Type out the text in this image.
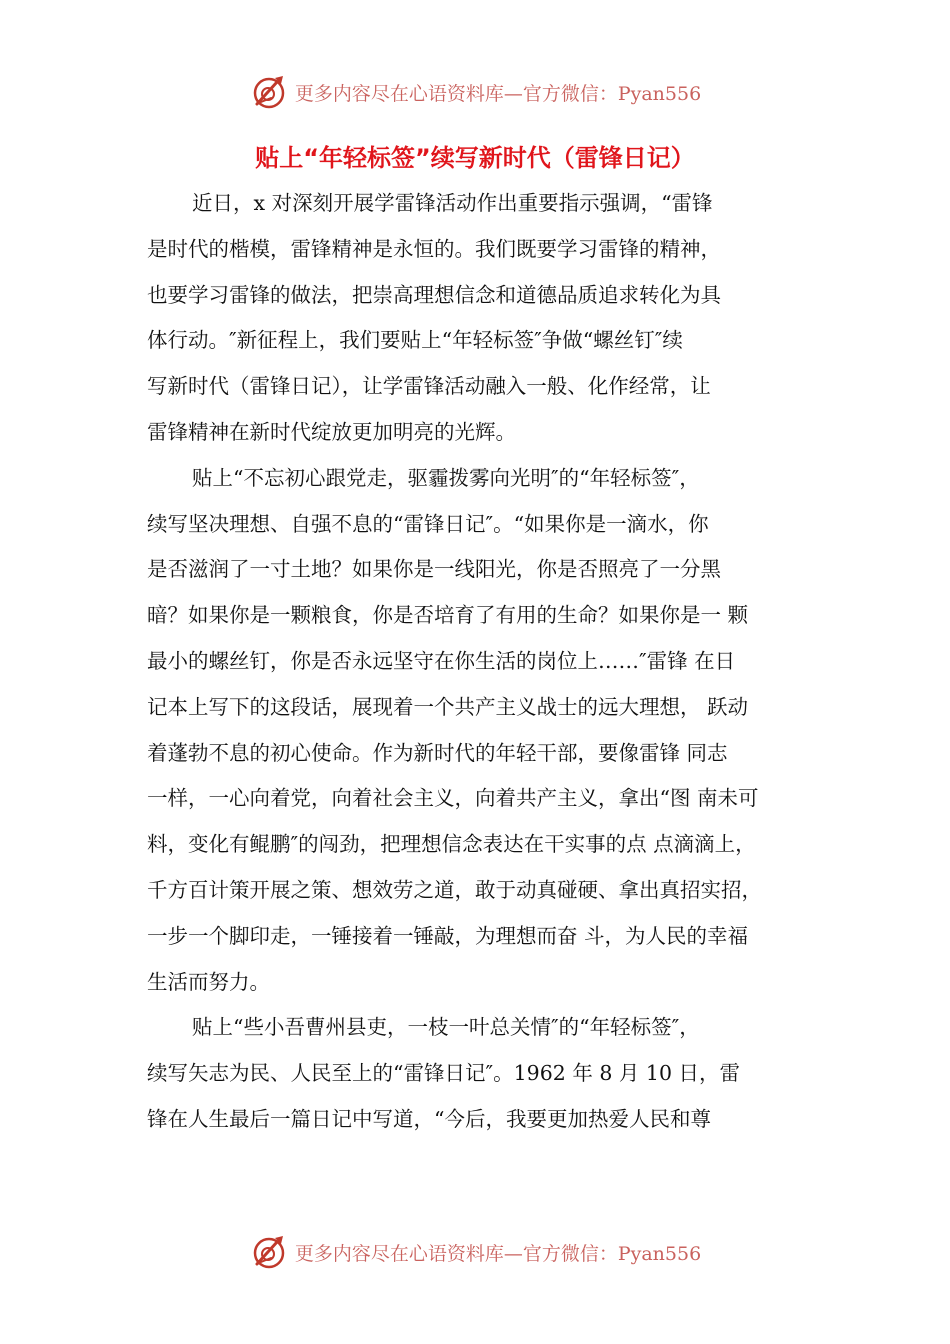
更多内容尽在心语资料库—官方微信：Pyan556
贴上“年轻标签”续写新时代（雷锋日记）
近日，x 对深刻开展学雷锋活动作出重要指示强调，“雷锋
是时代的楷模，雷锋精神是永恒的。我们既要学习雷锋的精神，
也要学习雷锋的做法，把崇高理想信念和道德品质追求转化为具
体行动。″新征程上，我们要贴上“年轻标签″争做“螺丝钉″续
写新时代（雷锋日记），让学雷锋活动融入一般、化作经常，让
雷锋精神在新时代绽放更加明亮的光辉。
贴上“不忘初心跟党走，驱霾拨雾向光明″的“年轻标签″，
续写坚决理想、自强不息的“雷锋日记″。“如果你是一滴水，你
是否滋润了一寸土地？如果你是一线阳光，你是否照亮了一分黑
暗？如果你是一颗粮食，你是否培育了有用的生命？如果你是一 颗
最小的螺丝钉，你是否永远坚守在你生活的岗位上……″雷锋 在日
记本上写下的这段话，展现着一个共产主义战士的远大理想， 跃动
着蓬勃不息的初心使命。作为新时代的年轻干部，要像雷锋 同志
一样，一心向着党，向着社会主义，向着共产主义，拿出“图 南未可
料，变化有鲲鹏″的闯劲，把理想信念表达在干实事的点 点滴滴上，
千方百计策开展之策、想效劳之道，敢于动真碰硬、拿出真招实招，
一步一个脚印走，一锤接着一锤敲，为理想而奋 斗，为人民的幸福
生活而努力。
贴上“些小吾曹州县吏，一枝一叶总关情″的“年轻标签″，
续写矢志为民、人民至上的“雷锋日记″。1962 年 8 月 10 日，雷
锋在人生最后一篇日记中写道，“今后，我要更加热爱人民和尊
更多内容尽在心语资料库—官方微信：Pyan556
